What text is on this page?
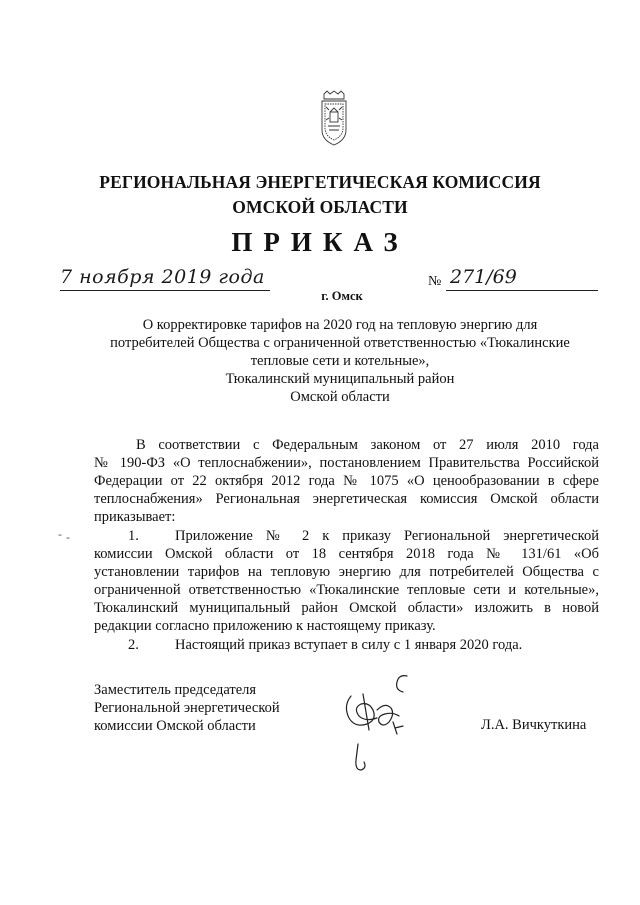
РЕГИОНАЛЬНАЯ ЭНЕРГЕТИЧЕСКАЯ КОМИССИЯ
ОМСКОЙ ОБЛАСТИ
ПРИКАЗ
7 ноября 2019 года	№ 271/69
г. Омск
О корректировке тарифов на 2020 год на тепловую энергию для
потребителей Общества с ограниченной ответственностью «Тюкалинские
тепловые сети и котельные»,
Тюкалинский муниципальный район
Омской области
В соответствии с Федеральным законом от 27 июля 2010 года
№ 190-ФЗ «О теплоснабжении», постановлением Правительства Российской
Федерации от 22 октября 2012 года № 1075 «О ценообразовании в сфере
теплоснабжения» Региональная энергетическая комиссия Омской области
приказывает:
1. Приложение № 2 к приказу Региональной энергетической
комиссии Омской области от 18 сентября 2018 года № 131/61 «Об
установлении тарифов на тепловую энергию для потребителей Общества с
ограниченной ответственностью «Тюкалинские тепловые сети и котельные»,
Тюкалинский муниципальный район Омской области» изложить в новой
редакции согласно приложению к настоящему приказу.
2. Настоящий приказ вступает в силу с 1 января 2020 года.
- -
Заместитель председателя
Региональной энергетической
комиссии Омской области	Л.А. Вичкуткина
